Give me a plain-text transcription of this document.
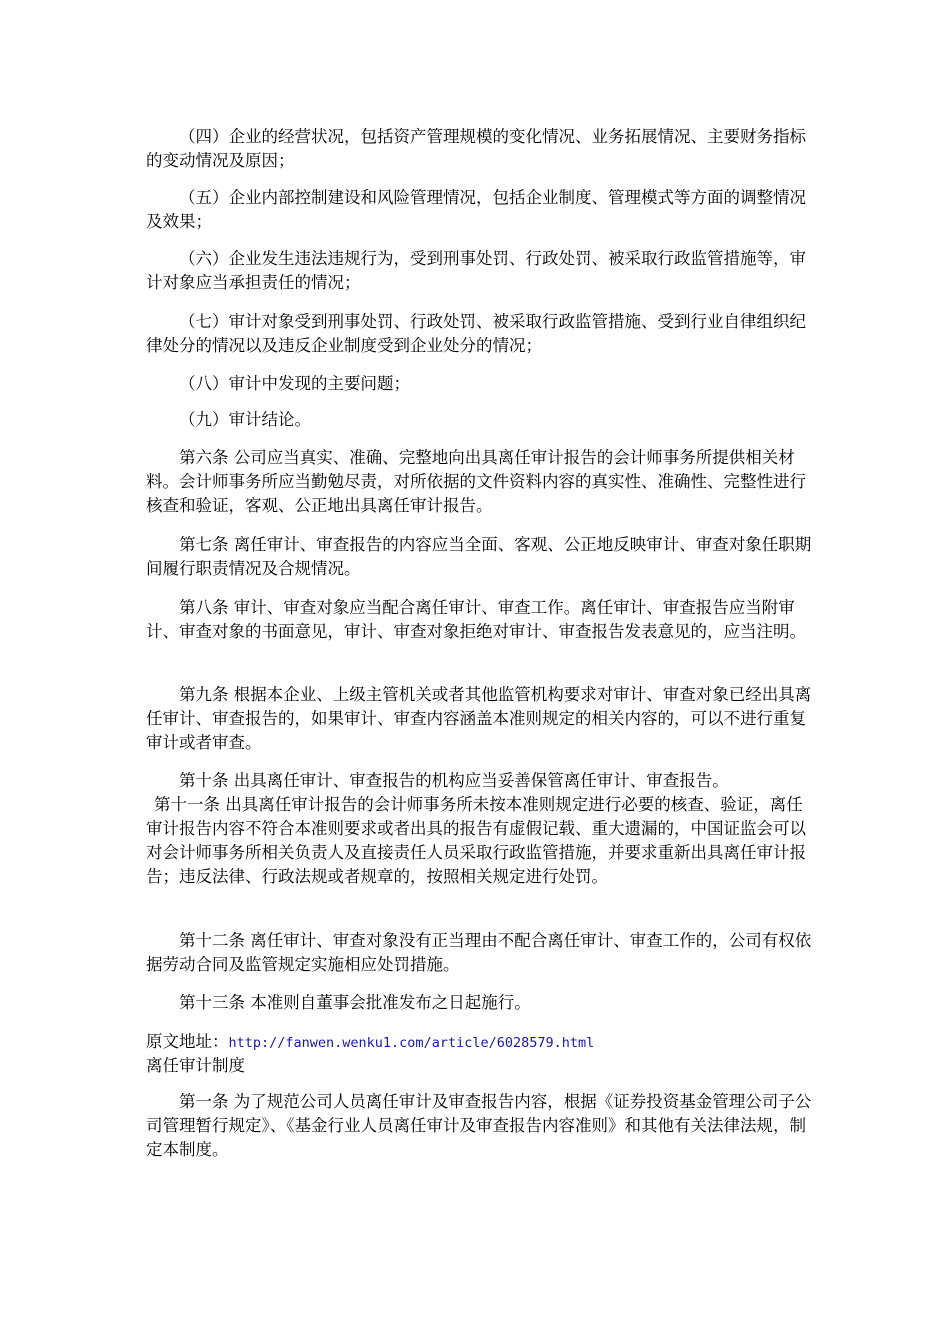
（四）企业的经营状况，包括资产管理规模的变化情况、业务拓展情况、主要财务指标的变动情况及原因；

（五）企业内部控制建设和风险管理情况，包括企业制度、管理模式等方面的调整情况及效果；

（六）企业发生违法违规行为，受到刑事处罚、行政处罚、被采取行政监管措施等，审计对象应当承担责任的情况；

（七）审计对象受到刑事处罚、行政处罚、被采取行政监管措施、受到行业自律组织纪律处分的情况以及违反企业制度受到企业处分的情况；

（八）审计中发现的主要问题；

（九）审计结论。

第六条 公司应当真实、准确、完整地向出具离任审计报告的会计师事务所提供相关材料。会计师事务所应当勤勉尽责，对所依据的文件资料内容的真实性、准确性、完整性进行核查和验证，客观、公正地出具离任审计报告。

第七条 离任审计、审查报告的内容应当全面、客观、公正地反映审计、审查对象任职期间履行职责情况及合规情况。

第八条 审计、审查对象应当配合离任审计、审查工作。离任审计、审查报告应当附审计、审查对象的书面意见，审计、审查对象拒绝对审计、审查报告发表意见的，应当注明。

第九条 根据本企业、上级主管机关或者其他监管机构要求对审计、审查对象已经出具离任审计、审查报告的，如果审计、审查内容涵盖本准则规定的相关内容的，可以不进行重复审计或者审查。

第十条 出具离任审计、审查报告的机构应当妥善保管离任审计、审查报告。

第十一条 出具离任审计报告的会计师事务所未按本准则规定进行必要的核查、验证，离任审计报告内容不符合本准则要求或者出具的报告有虚假记载、重大遗漏的，中国证监会可以对会计师事务所相关负责人及直接责任人员采取行政监管措施，并要求重新出具离任审计报告；违反法律、行政法规或者规章的，按照相关规定进行处罚。

第十二条 离任审计、审查对象没有正当理由不配合离任审计、审查工作的，公司有权依据劳动合同及监管规定实施相应处罚措施。

第十三条 本准则自董事会批准发布之日起施行。

原文地址：http://fanwen.wenku1.com/article/6028579.html

离任审计制度

第一条 为了规范公司人员离任审计及审查报告内容，根据《证券投资基金管理公司子公司管理暂行规定》、《基金行业人员离任审计及审查报告内容准则》和其他有关法律法规，制定本制度。
